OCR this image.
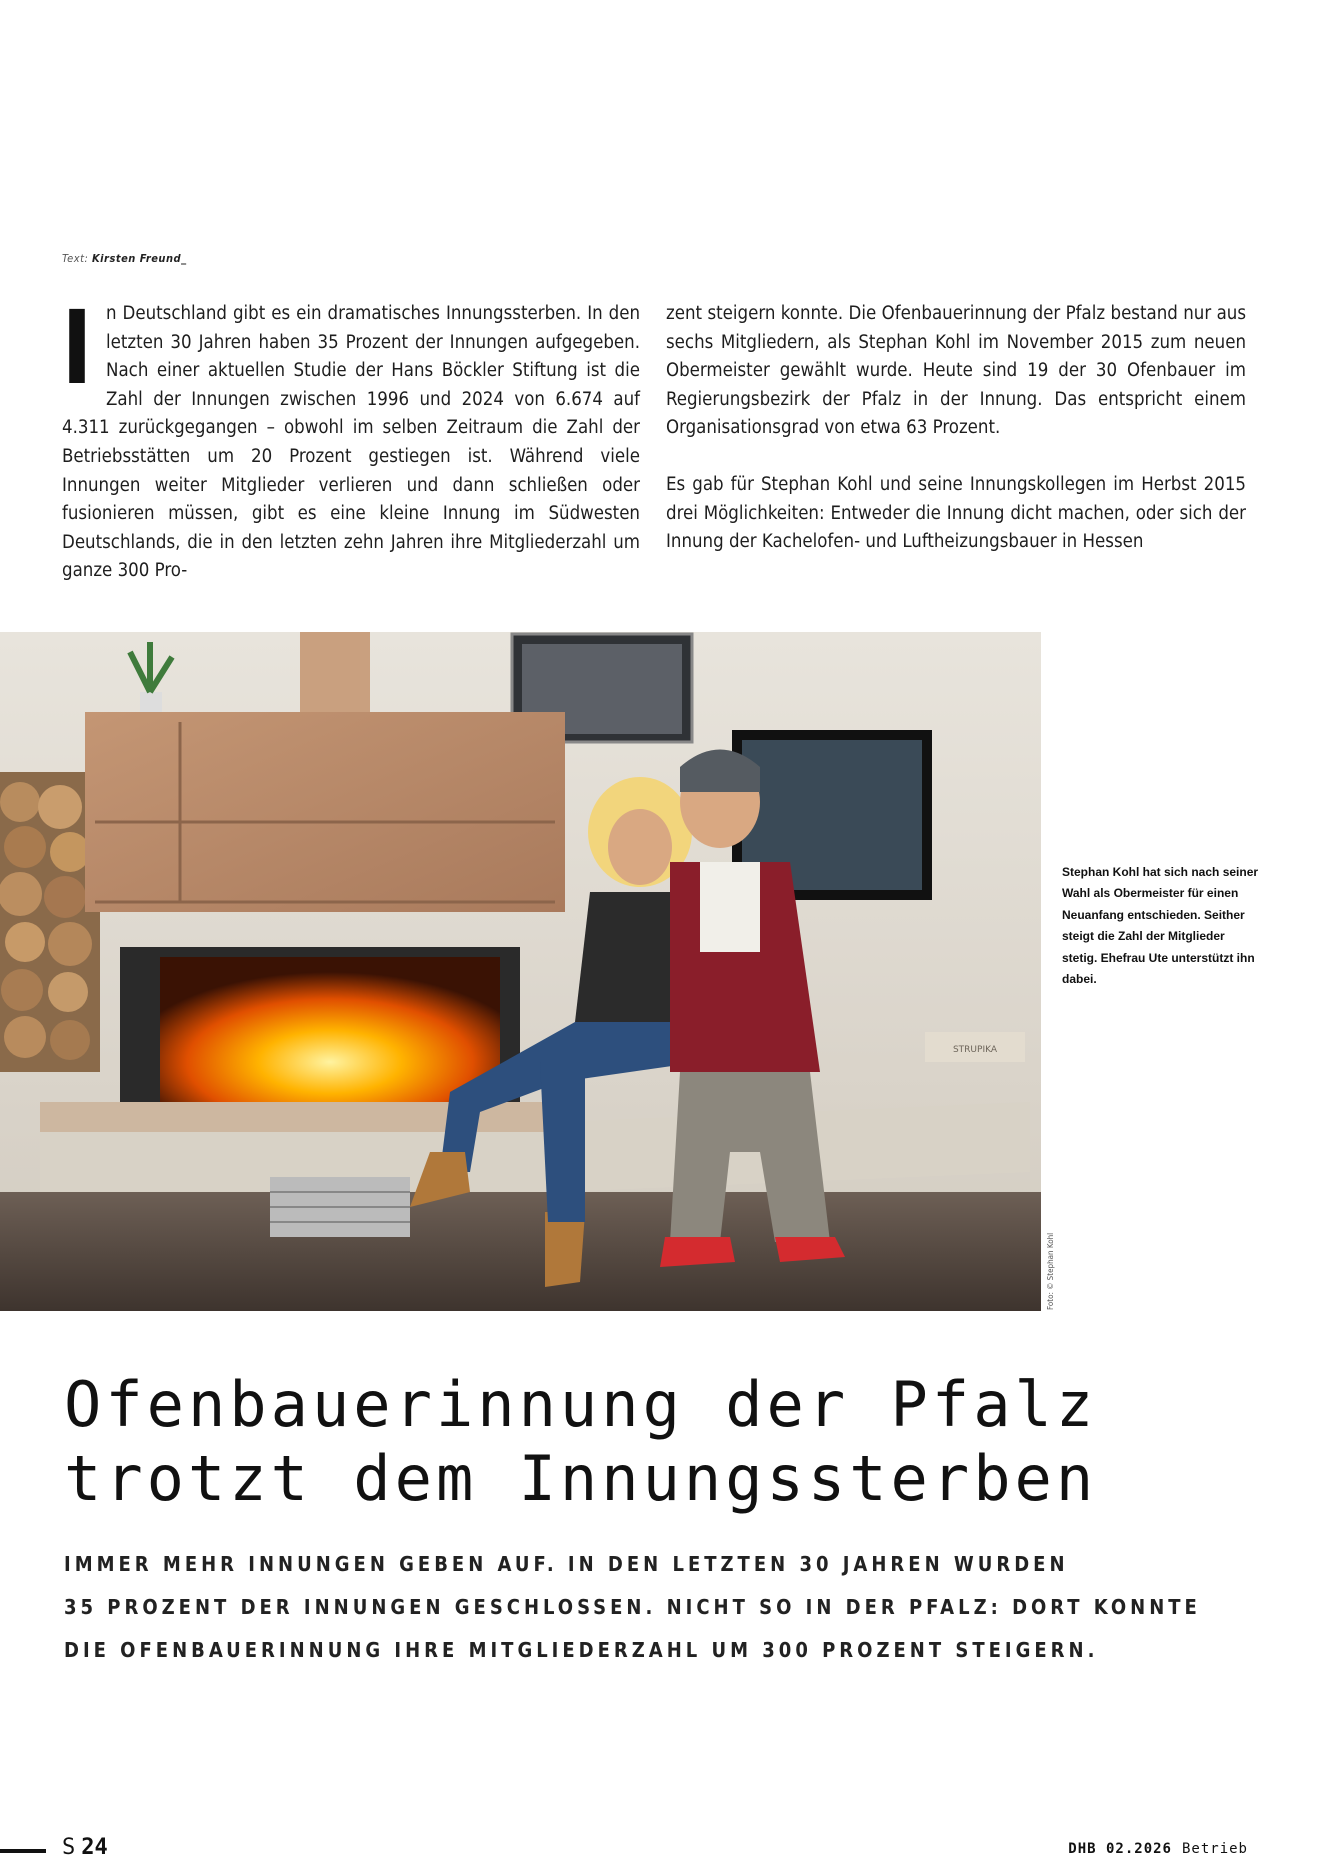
Text: Kirsten Freund_

In Deutschland gibt es ein dramatisches Innungssterben. In den letzten 30 Jahren haben 35 Prozent der Innungen aufgegeben. Nach einer aktuellen Studie der Hans Böckler Stiftung ist die Zahl der Innungen zwischen 1996 und 2024 von 6.674 auf 4.311 zurückgegangen – obwohl im selben Zeitraum die Zahl der Betriebsstätten um 20 Prozent gestiegen ist. Während viele Innungen weiter Mitglieder verlieren und dann schließen oder fusionieren müssen, gibt es eine kleine Innung im Südwesten Deutschlands, die in den letzten zehn Jahren ihre Mitgliederzahl um ganze 300 Pro-

zent steigern konnte. Die Ofenbauerinnung der Pfalz bestand nur aus sechs Mitgliedern, als Stephan Kohl im November 2015 zum neuen Obermeister gewählt wurde. Heute sind 19 der 30 Ofenbauer im Regierungsbezirk der Pfalz in der Innung. Das entspricht einem Organisationsgrad von etwa 63 Prozent.

Es gab für Stephan Kohl und seine Innungskollegen im Herbst 2015 drei Möglichkeiten: Entweder die Innung dicht machen, oder sich der Innung der Kachelofen- und Luftheizungsbauer in Hessen

STRUPIKA
Stephan Kohl hat sich nach seiner Wahl als Obermeister für einen Neuanfang entschieden. Seither steigt die Zahl der Mitglieder stetig. Ehefrau Ute unterstützt ihn dabei.
Foto: © Stephan Kohl
Ofenbauerinnung der Pfalz
trotzt dem Innungssterben
IMMER MEHR INNUNGEN GEBEN AUF. IN DEN LETZTEN 30 JAHREN WURDEN
35 PROZENT DER INNUNGEN GESCHLOSSEN. NICHT SO IN DER PFALZ: DORT KONNTE
DIE OFENBAUERINNUNG IHRE MITGLIEDERZAHL UM 300 PROZENT STEIGERN.
S 24	DHB 02.2026 Betrieb
